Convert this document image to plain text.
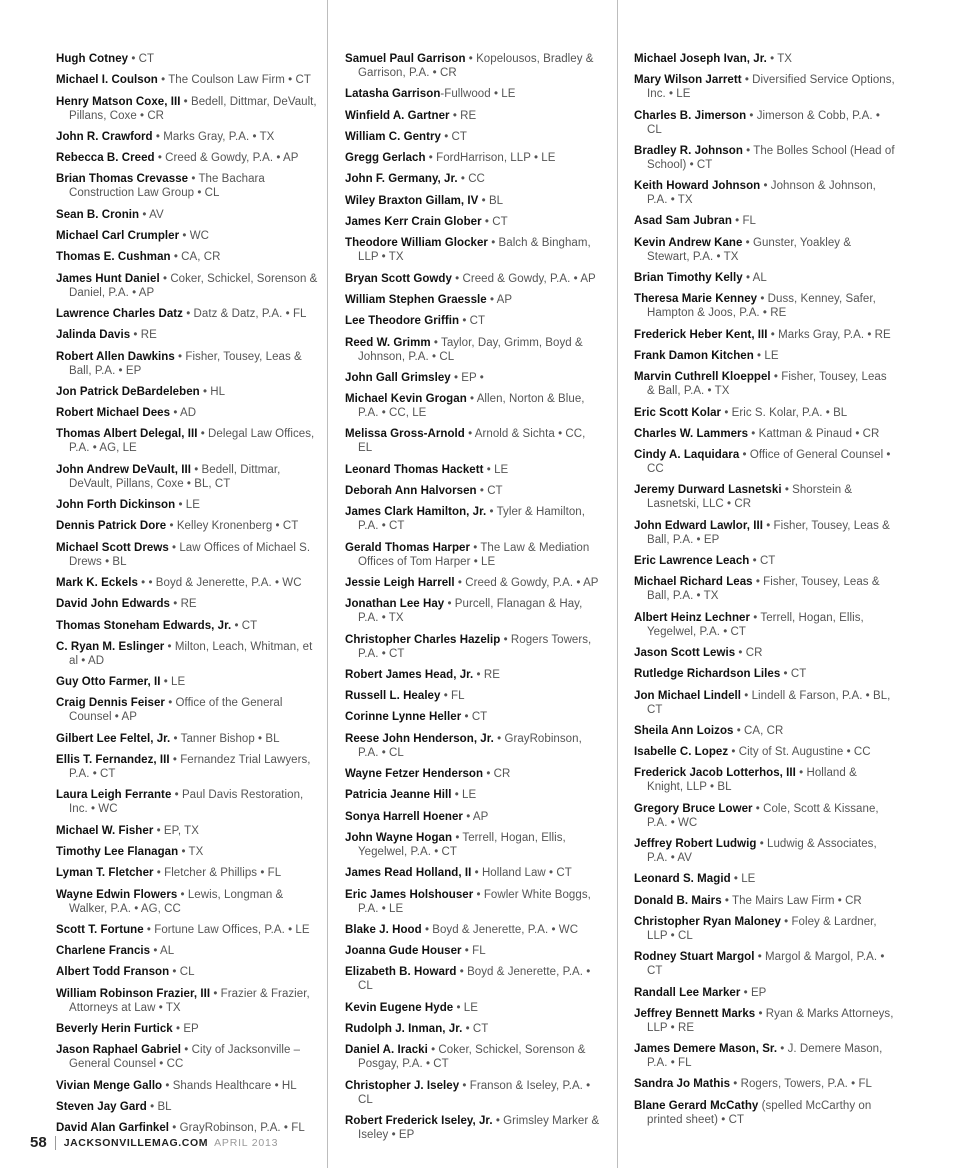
Hugh Cotney • CT

Michael I. Coulson • The Coulson Law Firm • CT

Henry Matson Coxe, III • Bedell, Dittmar, DeVault, Pillans, Coxe • CR

John R. Crawford • Marks Gray, P.A. • TX

Rebecca B. Creed • Creed & Gowdy, P.A. • AP

Brian Thomas Crevasse • The Bachara Construction Law Group • CL

Sean B. Cronin • AV

Michael Carl Crumpler • WC

Thomas E. Cushman • CA, CR

James Hunt Daniel • Coker, Schickel, Sorenson & Daniel, P.A. • AP

Lawrence Charles Datz • Datz & Datz, P.A. • FL

Jalinda Davis • RE

Robert Allen Dawkins • Fisher, Tousey, Leas & Ball, P.A. • EP

Jon Patrick DeBardeleben • HL

Robert Michael Dees • AD

Thomas Albert Delegal, III • Delegal Law Offices, P.A. • AG, LE

John Andrew DeVault, III • Bedell, Dittmar, DeVault, Pillans, Coxe • BL, CT

John Forth Dickinson • LE

Dennis Patrick Dore • Kelley Kronenberg • CT

Michael Scott Drews • Law Offices of Michael S. Drews • BL

Mark K. Eckels • • Boyd & Jenerette, P.A. • WC

David John Edwards • RE

Thomas Stoneham Edwards, Jr. • CT

C. Ryan M. Eslinger • Milton, Leach, Whitman, et al • AD

Guy Otto Farmer, II • LE

Craig Dennis Feiser • Office of the General Counsel • AP

Gilbert Lee Feltel, Jr. • Tanner Bishop • BL

Ellis T. Fernandez, III • Fernandez Trial Lawyers, P.A. • CT

Laura Leigh Ferrante • Paul Davis Restoration, Inc. • WC

Michael W. Fisher • EP, TX

Timothy Lee Flanagan • TX

Lyman T. Fletcher • Fletcher & Phillips • FL

Wayne Edwin Flowers • Lewis, Longman & Walker, P.A. • AG, CC

Scott T. Fortune • Fortune Law Offices, P.A. • LE

Charlene Francis • AL

Albert Todd Franson • CL

William Robinson Frazier, III • Frazier & Frazier, Attorneys at Law • TX

Beverly Herin Furtick • EP

Jason Raphael Gabriel • City of Jacksonville – General Counsel • CC

Vivian Menge Gallo • Shands Healthcare • HL

Steven Jay Gard • BL

David Alan Garfinkel • GrayRobinson, P.A. • FL

Samuel Paul Garrison • Kopelousos, Bradley & Garrison, P.A. • CR

Latasha Garrison-Fullwood • LE

Winfield A. Gartner • RE

William C. Gentry • CT

Gregg Gerlach • FordHarrison, LLP • LE

John F. Germany, Jr. • CC

Wiley Braxton Gillam, IV • BL

James Kerr Crain Glober • CT

Theodore William Glocker • Balch & Bingham, LLP • TX

Bryan Scott Gowdy • Creed & Gowdy, P.A. • AP

William Stephen Graessle • AP

Lee Theodore Griffin • CT

Reed W. Grimm • Taylor, Day, Grimm, Boyd & Johnson, P.A. • CL

John Gall Grimsley • EP •

Michael Kevin Grogan • Allen, Norton & Blue, P.A. • CC, LE

Melissa Gross-Arnold • Arnold & Sichta • CC, EL

Leonard Thomas Hackett • LE

Deborah Ann Halvorsen • CT

James Clark Hamilton, Jr. • Tyler & Hamilton, P.A. • CT

Gerald Thomas Harper • The Law & Mediation Offices of Tom Harper • LE

Jessie Leigh Harrell • Creed & Gowdy, P.A. • AP

Jonathan Lee Hay • Purcell, Flanagan & Hay, P.A. • TX

Christopher Charles Hazelip • Rogers Towers, P.A. • CT

Robert James Head, Jr. • RE

Russell L. Healey • FL

Corinne Lynne Heller • CT

Reese John Henderson, Jr. • GrayRobinson, P.A. • CL

Wayne Fetzer Henderson • CR

Patricia Jeanne Hill • LE

Sonya Harrell Hoener • AP

John Wayne Hogan • Terrell, Hogan, Ellis, Yegelwel, P.A. • CT

James Read Holland, II • Holland Law • CT

Eric James Holshouser • Fowler White Boggs, P.A. • LE

Blake J. Hood • Boyd & Jenerette, P.A. • WC

Joanna Gude Houser • FL

Elizabeth B. Howard • Boyd & Jenerette, P.A. • CL

Kevin Eugene Hyde • LE

Rudolph J. Inman, Jr. • CT

Daniel A. Iracki • Coker, Schickel, Sorenson & Posgay, P.A. • CT

Christopher J. Iseley • Franson & Iseley, P.A. • CL

Robert Frederick Iseley, Jr. • Grimsley Marker & Iseley • EP

Michael Joseph Ivan, Jr. • TX

Mary Wilson Jarrett • Diversified Service Options, Inc. • LE

Charles B. Jimerson • Jimerson & Cobb, P.A. • CL

Bradley R. Johnson • The Bolles School (Head of School) • CT

Keith Howard Johnson • Johnson & Johnson, P.A. • TX

Asad Sam Jubran • FL

Kevin Andrew Kane • Gunster, Yoakley & Stewart, P.A. • TX

Brian Timothy Kelly • AL

Theresa Marie Kenney • Duss, Kenney, Safer, Hampton & Joos, P.A. • RE

Frederick Heber Kent, III • Marks Gray, P.A. • RE

Frank Damon Kitchen • LE

Marvin Cuthrell Kloeppel • Fisher, Tousey, Leas & Ball, P.A. • TX

Eric Scott Kolar • Eric S. Kolar, P.A. • BL

Charles W. Lammers • Kattman & Pinaud • CR

Cindy A. Laquidara • Office of General Counsel • CC

Jeremy Durward Lasnetski • Shorstein & Lasnetski, LLC • CR

John Edward Lawlor, III • Fisher, Tousey, Leas & Ball, P.A. • EP

Eric Lawrence Leach • CT

Michael Richard Leas • Fisher, Tousey, Leas & Ball, P.A. • TX

Albert Heinz Lechner • Terrell, Hogan, Ellis, Yegelwel, P.A. • CT

Jason Scott Lewis • CR

Rutledge Richardson Liles • CT

Jon Michael Lindell • Lindell & Farson, P.A. • BL, CT

Sheila Ann Loizos • CA, CR

Isabelle C. Lopez • City of St. Augustine • CC

Frederick Jacob Lotterhos, III • Holland & Knight, LLP • BL

Gregory Bruce Lower • Cole, Scott & Kissane, P.A. • WC

Jeffrey Robert Ludwig • Ludwig & Associates, P.A. • AV

Leonard S. Magid • LE

Donald B. Mairs • The Mairs Law Firm • CR

Christopher Ryan Maloney • Foley & Lardner, LLP • CL

Rodney Stuart Margol • Margol & Margol, P.A. • CT

Randall Lee Marker • EP

Jeffrey Bennett Marks • Ryan & Marks Attorneys, LLP • RE

James Demere Mason, Sr. • J. Demere Mason, P.A. • FL

Sandra Jo Mathis • Rogers, Towers, P.A. • FL

Blane Gerard McCathy (spelled McCarthy on printed sheet) • CT

58 JACKSONVILLEMAG.COM APRIL 2013
